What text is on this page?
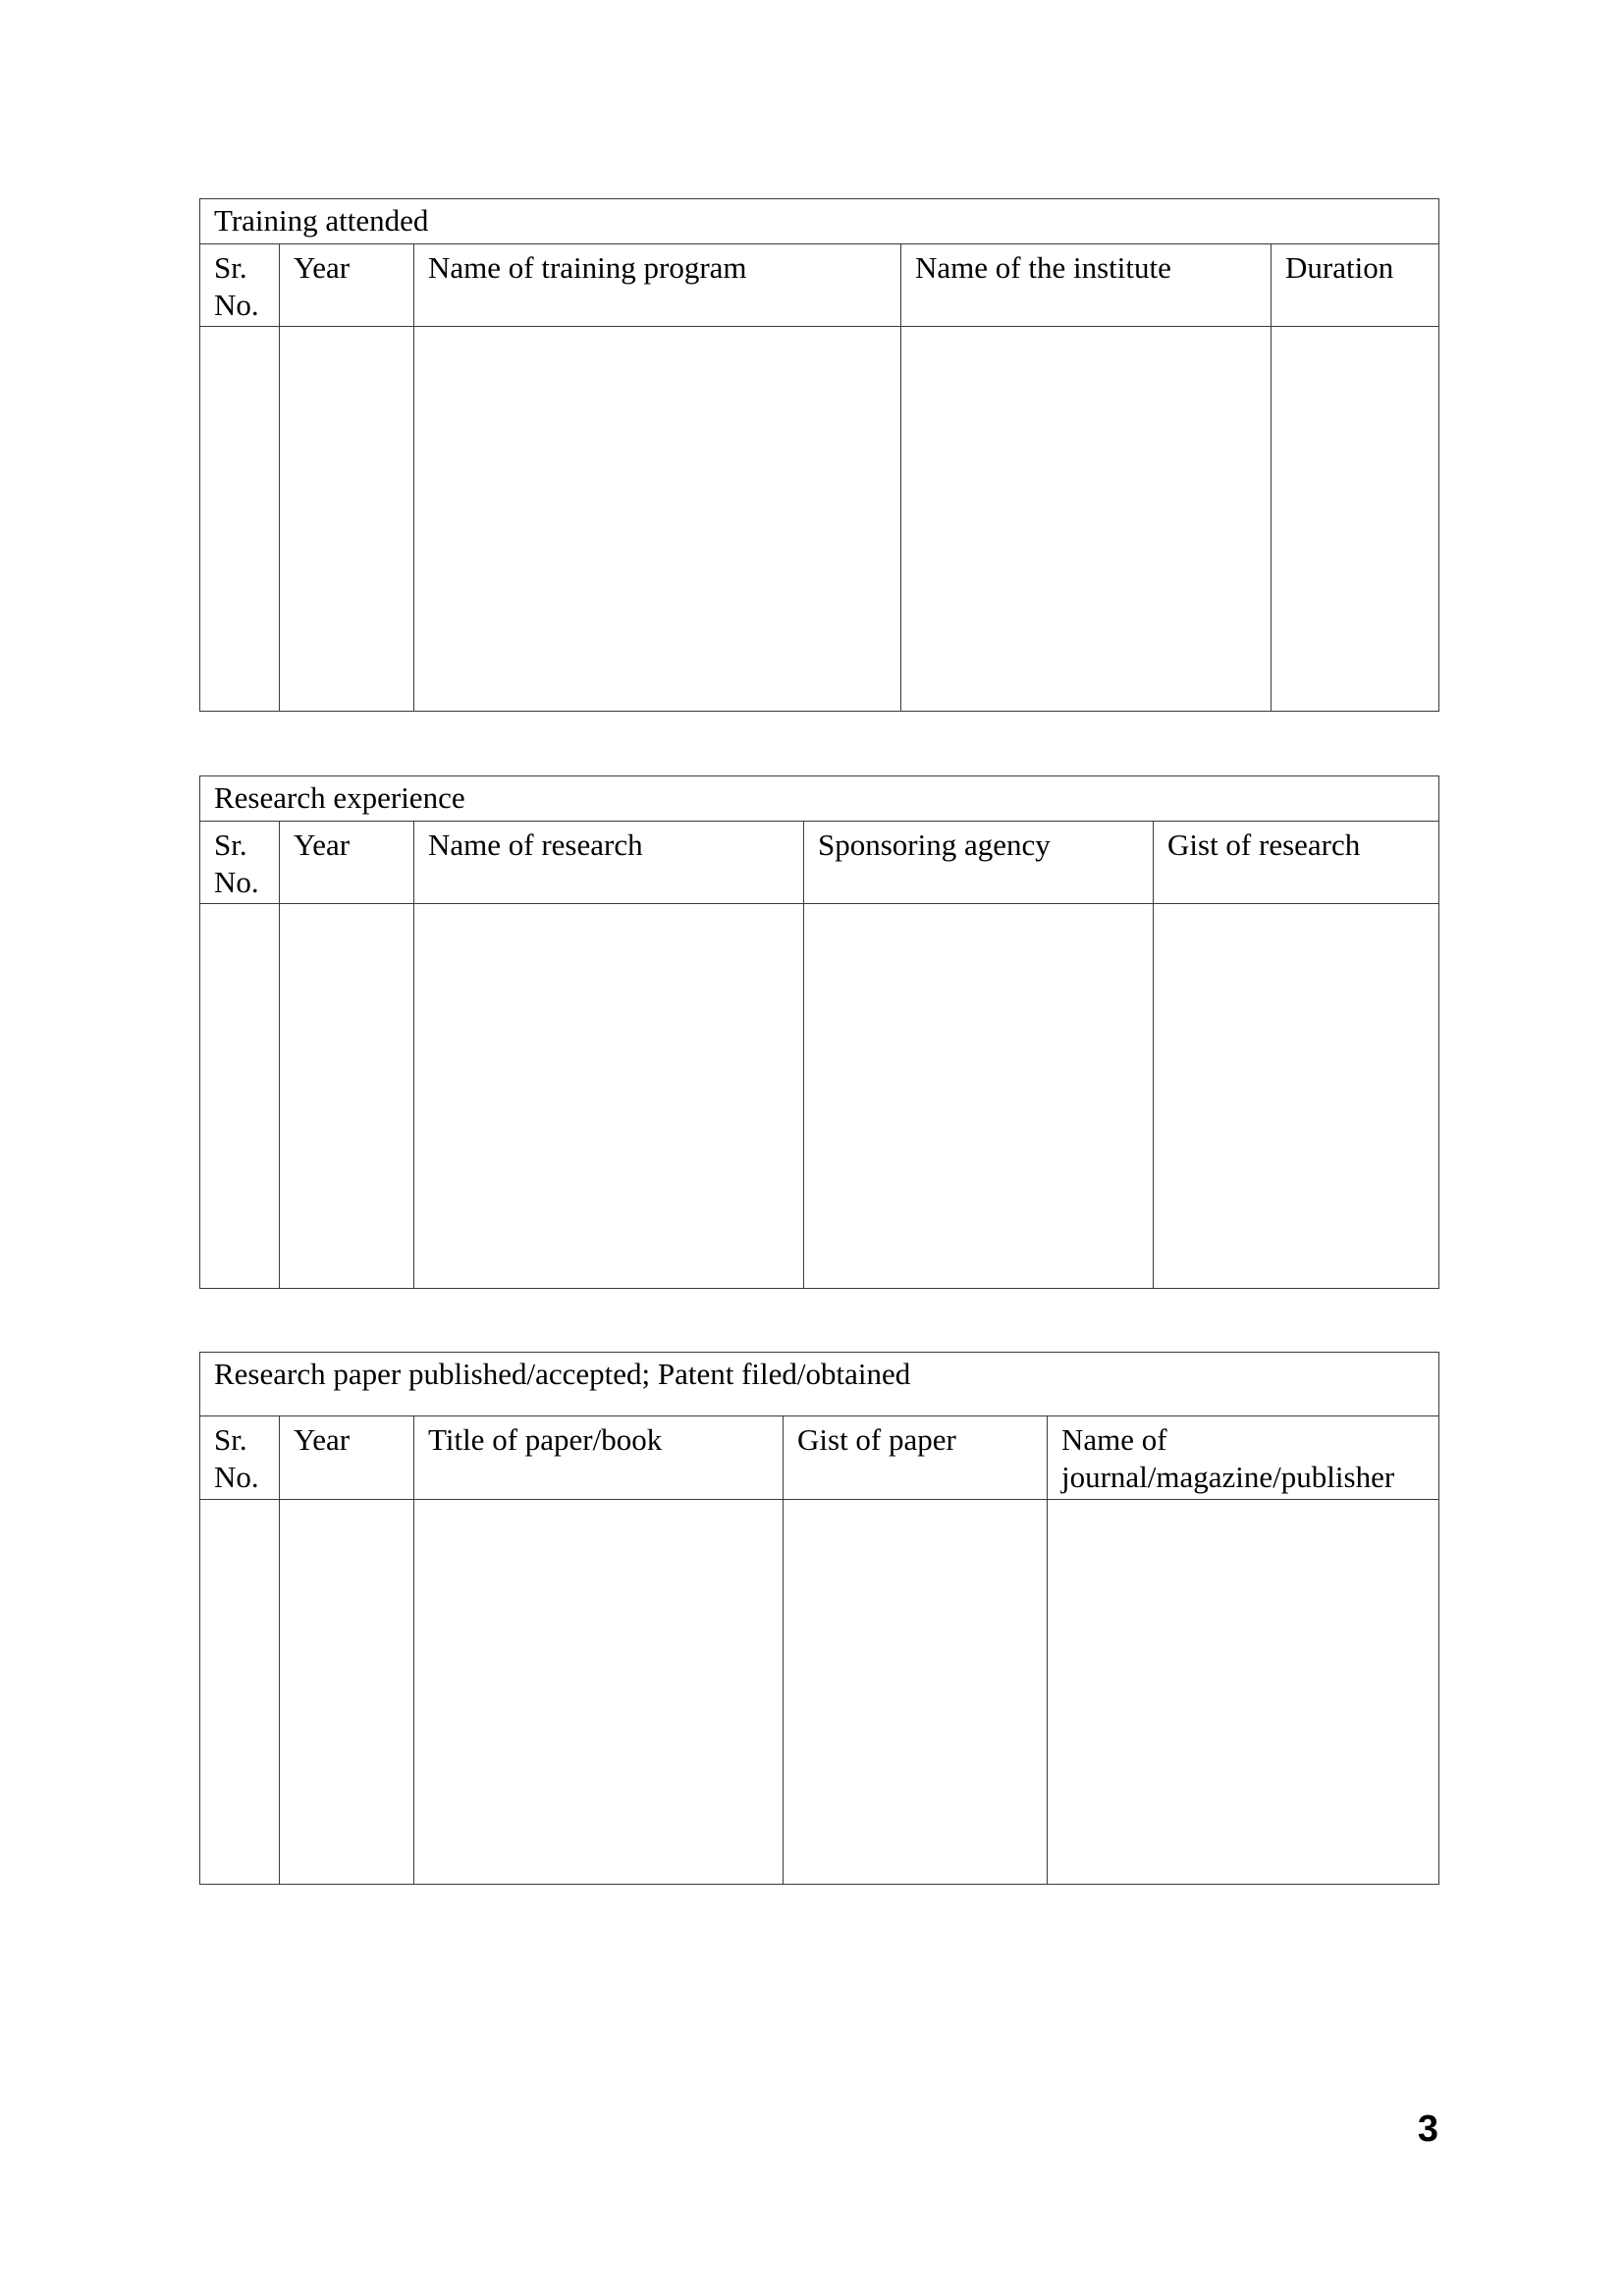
Training attended				
Sr. No.	Year	Name of training program	Name of the institute	Duration

Research experience				
Sr. No.	Year	Name of research	Sponsoring agency	Gist of research

Research paper published/accepted; Patent filed/obtained				
Sr. No.	Year	Title of paper/book	Gist of paper	Name of journal/magazine/publisher

3
